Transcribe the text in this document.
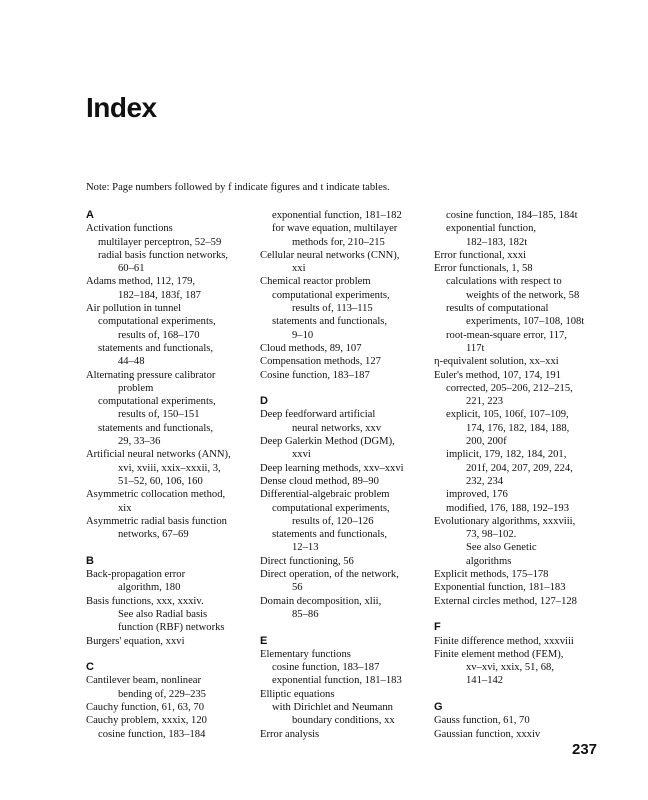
Index
Note: Page numbers followed by f indicate figures and t indicate tables.
A
Activation functions
multilayer perceptron, 52–59
radial basis function networks,
60–61
Adams method, 112, 179,
182–184, 183f, 187
Air pollution in tunnel
computational experiments,
results of, 168–170
statements and functionals,
44–48
Alternating pressure calibrator
problem
computational experiments,
results of, 150–151
statements and functionals,
29, 33–36
Artificial neural networks (ANN),
xvi, xviii, xxix–xxxii, 3,
51–52, 60, 106, 160
Asymmetric collocation method,
xix
Asymmetric radial basis function
networks, 67–69
B
Back-propagation error
algorithm, 180
Basis functions, xxx, xxxiv.
See also Radial basis
function (RBF) networks
Burgers' equation, xxvi
C
Cantilever beam, nonlinear
bending of, 229–235
Cauchy function, 61, 63, 70
Cauchy problem, xxxix, 120
cosine function, 183–184
exponential function, 181–182
for wave equation, multilayer
methods for, 210–215
Cellular neural networks (CNN),
xxi
Chemical reactor problem
computational experiments,
results of, 113–115
statements and functionals,
9–10
Cloud methods, 89, 107
Compensation methods, 127
Cosine function, 183–187
D
Deep feedforward artificial
neural networks, xxv
Deep Galerkin Method (DGM),
xxvi
Deep learning methods, xxv–xxvi
Dense cloud method, 89–90
Differential-algebraic problem
computational experiments,
results of, 120–126
statements and functionals,
12–13
Direct functioning, 56
Direct operation, of the network,
56
Domain decomposition, xlii,
85–86
E
Elementary functions
cosine function, 183–187
exponential function, 181–183
Elliptic equations
with Dirichlet and Neumann
boundary conditions, xx
Error analysis
cosine function, 184–185, 184t
exponential function,
182–183, 182t
Error functional, xxxi
Error functionals, 1, 58
calculations with respect to
weights of the network, 58
results of computational
experiments, 107–108, 108t
root-mean-square error, 117,
117t
η-equivalent solution, xx–xxi
Euler's method, 107, 174, 191
corrected, 205–206, 212–215,
221, 223
explicit, 105, 106f, 107–109,
174, 176, 182, 184, 188,
200, 200f
implicit, 179, 182, 184, 201,
201f, 204, 207, 209, 224,
232, 234
improved, 176
modified, 176, 188, 192–193
Evolutionary algorithms, xxxviii,
73, 98–102.
See also Genetic
algorithms
Explicit methods, 175–178
Exponential function, 181–183
External circles method, 127–128
F
Finite difference method, xxxviii
Finite element method (FEM),
xv–xvi, xxix, 51, 68,
141–142
G
Gauss function, 61, 70
Gaussian function, xxxiv
237
